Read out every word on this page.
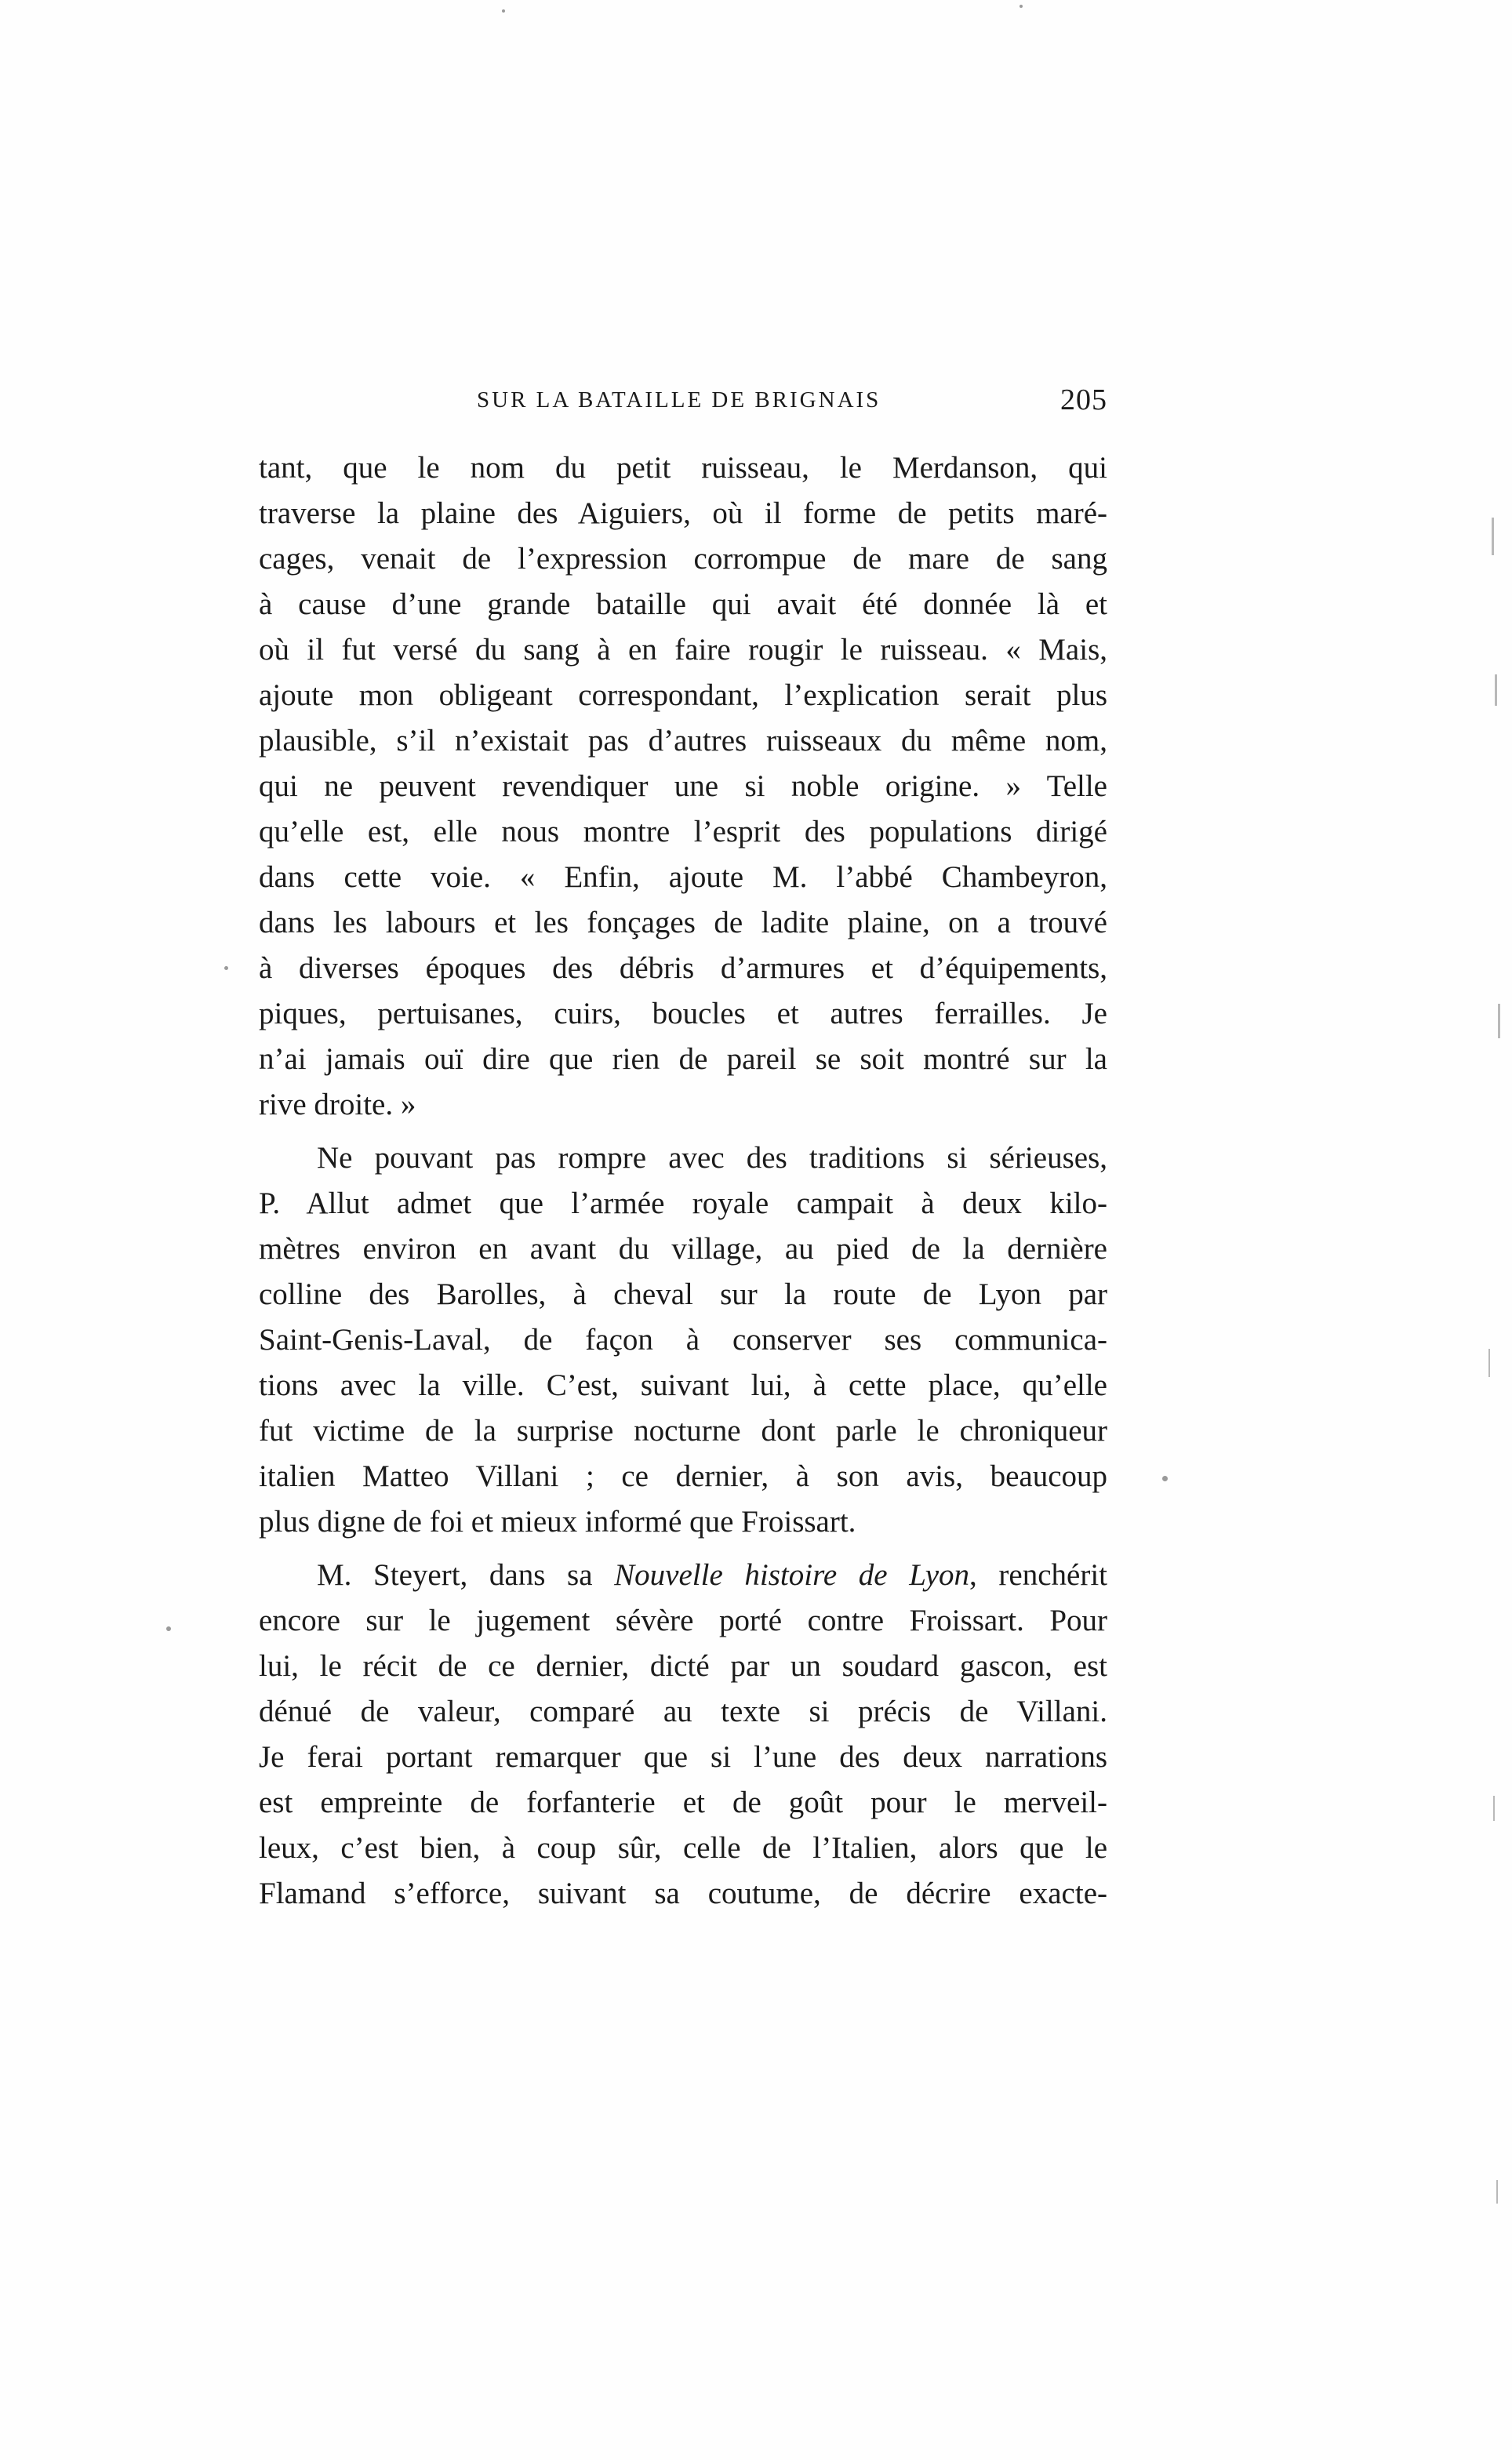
SUR LA BATAILLE DE BRIGNAIS	205
tant, que le nom du petit ruisseau, le Merdanson, qui
traverse la plaine des Aiguiers, où il forme de petits maré-
cages, venait de l’expression corrompue de mare de sang
à cause d’une grande bataille qui avait été donnée là et
où il fut versé du sang à en faire rougir le ruisseau. « Mais,
ajoute mon obligeant correspondant, l’explication serait plus
plausible, s’il n’existait pas d’autres ruisseaux du même nom,
qui ne peuvent revendiquer une si noble origine. » Telle
qu’elle est, elle nous montre l’esprit des populations dirigé
dans cette voie. « Enfin, ajoute M. l’abbé Chambeyron,
dans les labours et les fonçages de ladite plaine, on a trouvé
à diverses époques des débris d’armures et d’équipements,
piques, pertuisanes, cuirs, boucles et autres ferrailles. Je
n’ai jamais ouï dire que rien de pareil se soit montré sur la
rive droite. »
Ne pouvant pas rompre avec des traditions si sérieuses,
P. Allut admet que l’armée royale campait à deux kilo-
mètres environ en avant du village, au pied de la dernière
colline des Barolles, à cheval sur la route de Lyon par
Saint-Genis-Laval, de façon à conserver ses communica-
tions avec la ville. C’est, suivant lui, à cette place, qu’elle
fut victime de la surprise nocturne dont parle le chroniqueur
italien Matteo Villani ; ce dernier, à son avis, beaucoup
plus digne de foi et mieux informé que Froissart.
M. Steyert, dans sa Nouvelle histoire de Lyon, renchérit
encore sur le jugement sévère porté contre Froissart. Pour
lui, le récit de ce dernier, dicté par un soudard gascon, est
dénué de valeur, comparé au texte si précis de Villani.
Je ferai portant remarquer que si l’une des deux narrations
est empreinte de forfanterie et de goût pour le merveil-
leux, c’est bien, à coup sûr, celle de l’Italien, alors que le
Flamand s’efforce, suivant sa coutume, de décrire exacte-
